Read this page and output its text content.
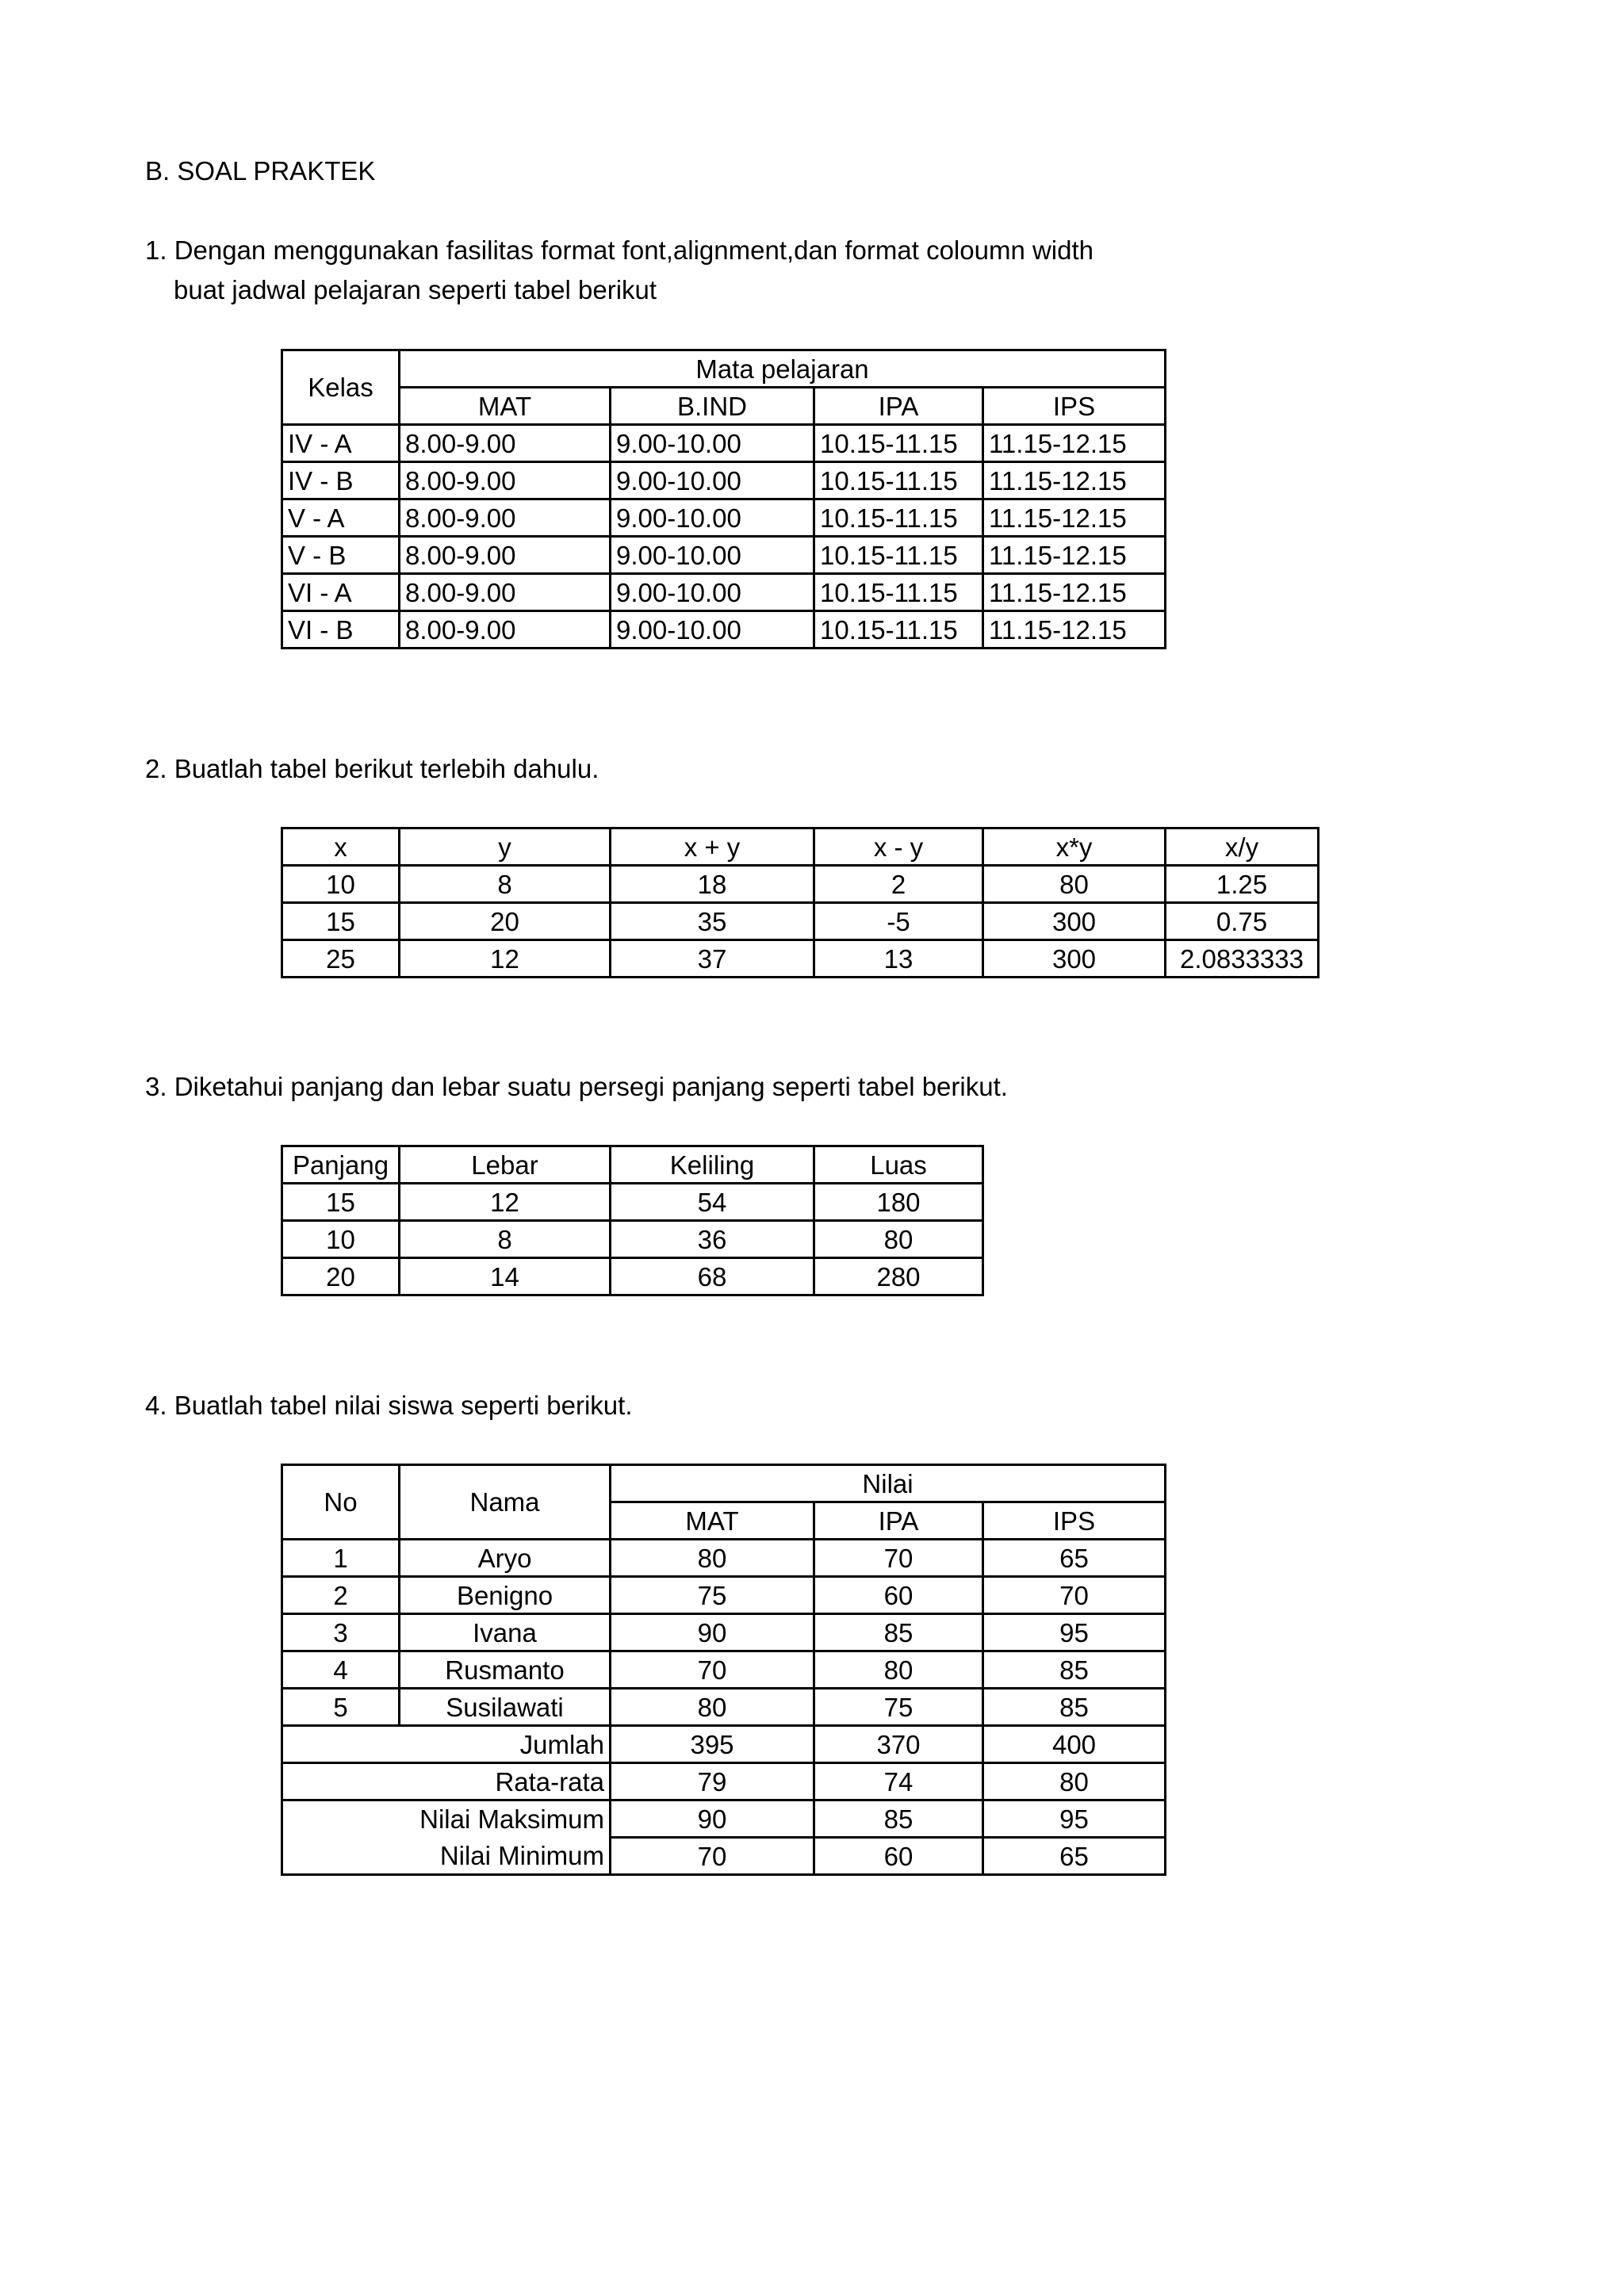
B. SOAL PRAKTEK
1. Dengan menggunakan fasilitas format font,alignment,dan format coloumn width
buat jadwal pelajaran seperti tabel berikut
Kelas	Mata pelajaran			
	MAT	B.IND	IPA	IPS
IV - A	8.00-9.00	9.00-10.00	10.15-11.15	11.15-12.15
IV - B	8.00-9.00	9.00-10.00	10.15-11.15	11.15-12.15
V - A	8.00-9.00	9.00-10.00	10.15-11.15	11.15-12.15
V - B	8.00-9.00	9.00-10.00	10.15-11.15	11.15-12.15
VI - A	8.00-9.00	9.00-10.00	10.15-11.15	11.15-12.15
VI - B	8.00-9.00	9.00-10.00	10.15-11.15	11.15-12.15
2. Buatlah tabel berikut terlebih dahulu.
x	y	x + y	x - y	x*y	x/y
10	8	18	2	80	1.25
15	20	35	-5	300	0.75
25	12	37	13	300	2.0833333
3. Diketahui panjang dan lebar suatu persegi panjang seperti tabel berikut.
Panjang	Lebar	Keliling	Luas
15	12	54	180
10	8	36	80
20	14	68	280
4. Buatlah tabel nilai siswa seperti berikut.
No	Nama	Nilai		
		MAT	IPA	IPS
1	Aryo	80	70	65
2	Benigno	75	60	70
3	Ivana	90	85	95
4	Rusmanto	70	80	85
5	Susilawati	80	75	85
Jumlah		395	370	400
Rata-rata		79	74	80
Nilai Maksimum		90	85	95
Nilai Minimum		70	60	65
